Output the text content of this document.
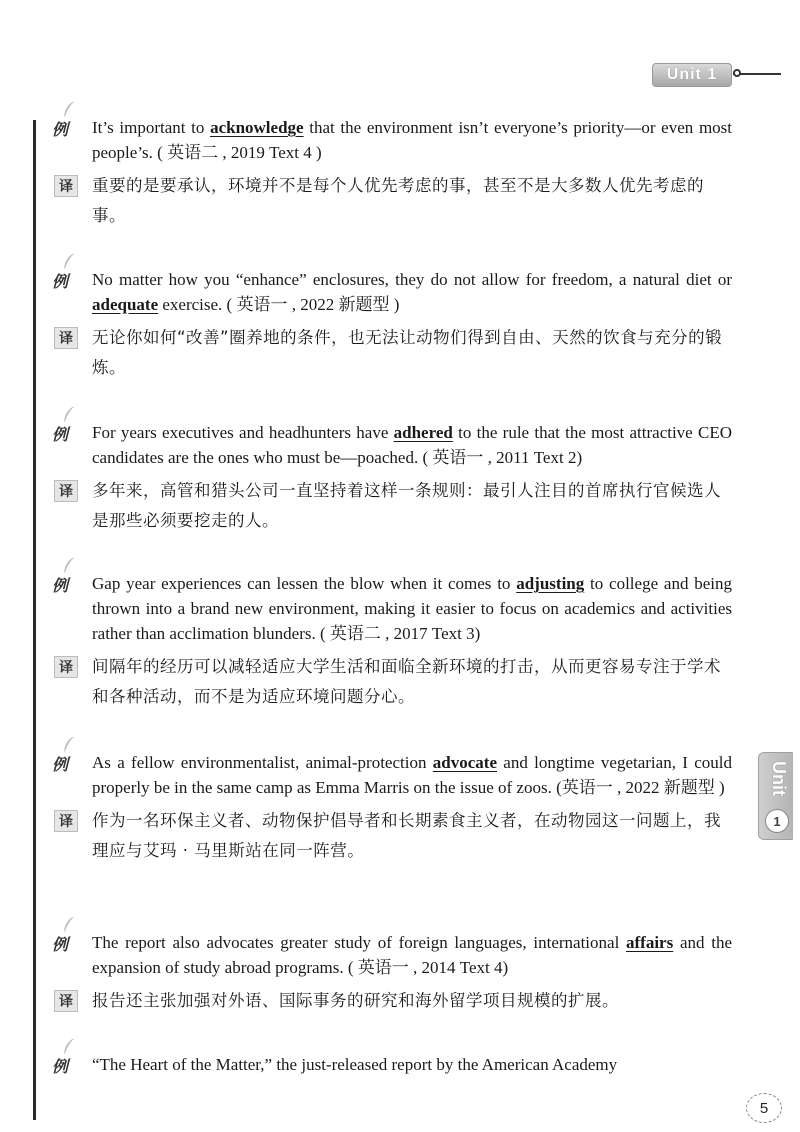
Unit 1
Unit
1
例 It’s important to acknowledge that the environment isn’t everyone’s priority—or even most people’s. ( 英语二 , 2019 Text 4 )
译	重要的是要承认，环境并不是每个人优先考虑的事，甚至不是大多数人优先考虑的事。
例 No matter how you “enhance” enclosures, they do not allow for freedom, a natural diet or adequate exercise. ( 英语一 , 2022 新题型 )
译	无论你如何“改善”圈养地的条件，也无法让动物们得到自由、天然的饮食与充分的锻炼。
例 For years executives and headhunters have adhered to the rule that the most attractive CEO candidates are the ones who must be—poached. ( 英语一 , 2011 Text 2)
译	多年来，高管和猎头公司一直坚持着这样一条规则：最引人注目的首席执行官候选人是那些必须要挖走的人。
例 Gap year experiences can lessen the blow when it comes to adjusting to college and being thrown into a brand new environment, making it easier to focus on academics and activities rather than acclimation blunders. ( 英语二 , 2017 Text 3)
译	间隔年的经历可以减轻适应大学生活和面临全新环境的打击，从而更容易专注于学术和各种活动，而不是为适应环境问题分心。
例 As a fellow environmentalist, animal-protection advocate and longtime vegetarian, I could properly be in the same camp as Emma Marris on the issue of zoos. (英语一 , 2022 新题型 )
译	作为一名环保主义者、动物保护倡导者和长期素食主义者，在动物园这一问题上，我理应与艾玛 · 马里斯站在同一阵营。
例 The report also advocates greater study of foreign languages, international affairs and the expansion of study abroad programs. ( 英语一 , 2014 Text 4)
译	报告还主张加强对外语、国际事务的研究和海外留学项目规模的扩展。
例 “The Heart of the Matter,” the just-released report by the American Academy
5
